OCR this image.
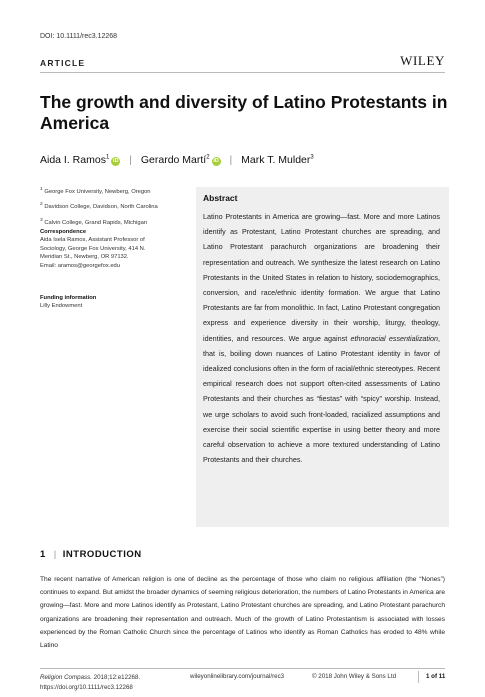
DOI: 10.1111/rec3.12268
ARTICLE	WILEY
The growth and diversity of Latino Protestants in America
Aida I. Ramos$^1$iD | Gerardo Martí$^2$iD | Mark T. Mulder$^3$
$^1$ George Fox University, Newberg, Oregon
$^2$ Davidson College, Davidson, North Carolina
$^3$ Calvin College, Grand Rapids, Michigan
Correspondence
Aida Isela Ramos, Assistant Professor of
Sociology, George Fox University, 414 N.
Meridian St., Newberg, OR 97132.
Email: aramos@georgefox.edu
Funding information
Lilly Endowment
Abstract
Latino Protestants in America are growing—fast. More and more Latinos identify as Protestant, Latino Protestant churches are spreading, and Latino Protestant parachurch organizations are broadening their representation and outreach. We synthesize the latest research on Latino Protestants in the United States in relation to history, sociodemographics, conversion, and race/ethnic identity formation. We argue that Latino Protestants are far from monolithic. In fact, Latino Protestant congregation express and experience diversity in their worship, liturgy, theology, identities, and resources. We argue against ethnoracial essentialization, that is, boiling down nuances of Latino Protestant identity in favor of idealized conclusions often in the form of racial/ethnic stereotypes. Recent empirical research does not support often-cited assessments of Latino Protestants and their churches as “fiestas” with “spicy” worship. Instead, we urge scholars to avoid such front-loaded, racialized assumptions and exercise their social scientific expertise in using better theory and more careful observation to achieve a more textured understanding of Latino Protestants and their churches.
1 | INTRODUCTION
The recent narrative of American religion is one of decline as the percentage of those who claim no religious affiliation (the “Nones”) continues to expand. But amidst the broader dynamics of seeming religious deterioration, the numbers of Latino Protestants in America are growing—fast. More and more Latinos identify as Protestant, Latino Protestant churches are spreading, and Latino Protestant parachurch organizations are broadening their representation and outreach. Much of the growth of Latino Protestantism is associated with losses experienced by the Roman Catholic Church since the percentage of Latinos who identify as Roman Catholics has eroded to 48% while Latino
Religion Compass. 2018;12:e12268.
https://doi.org/10.1111/rec3.12268
wileyonlinelibrary.com/journal/rec3	© 2018 John Wiley & Sons Ltd	1 of 11
